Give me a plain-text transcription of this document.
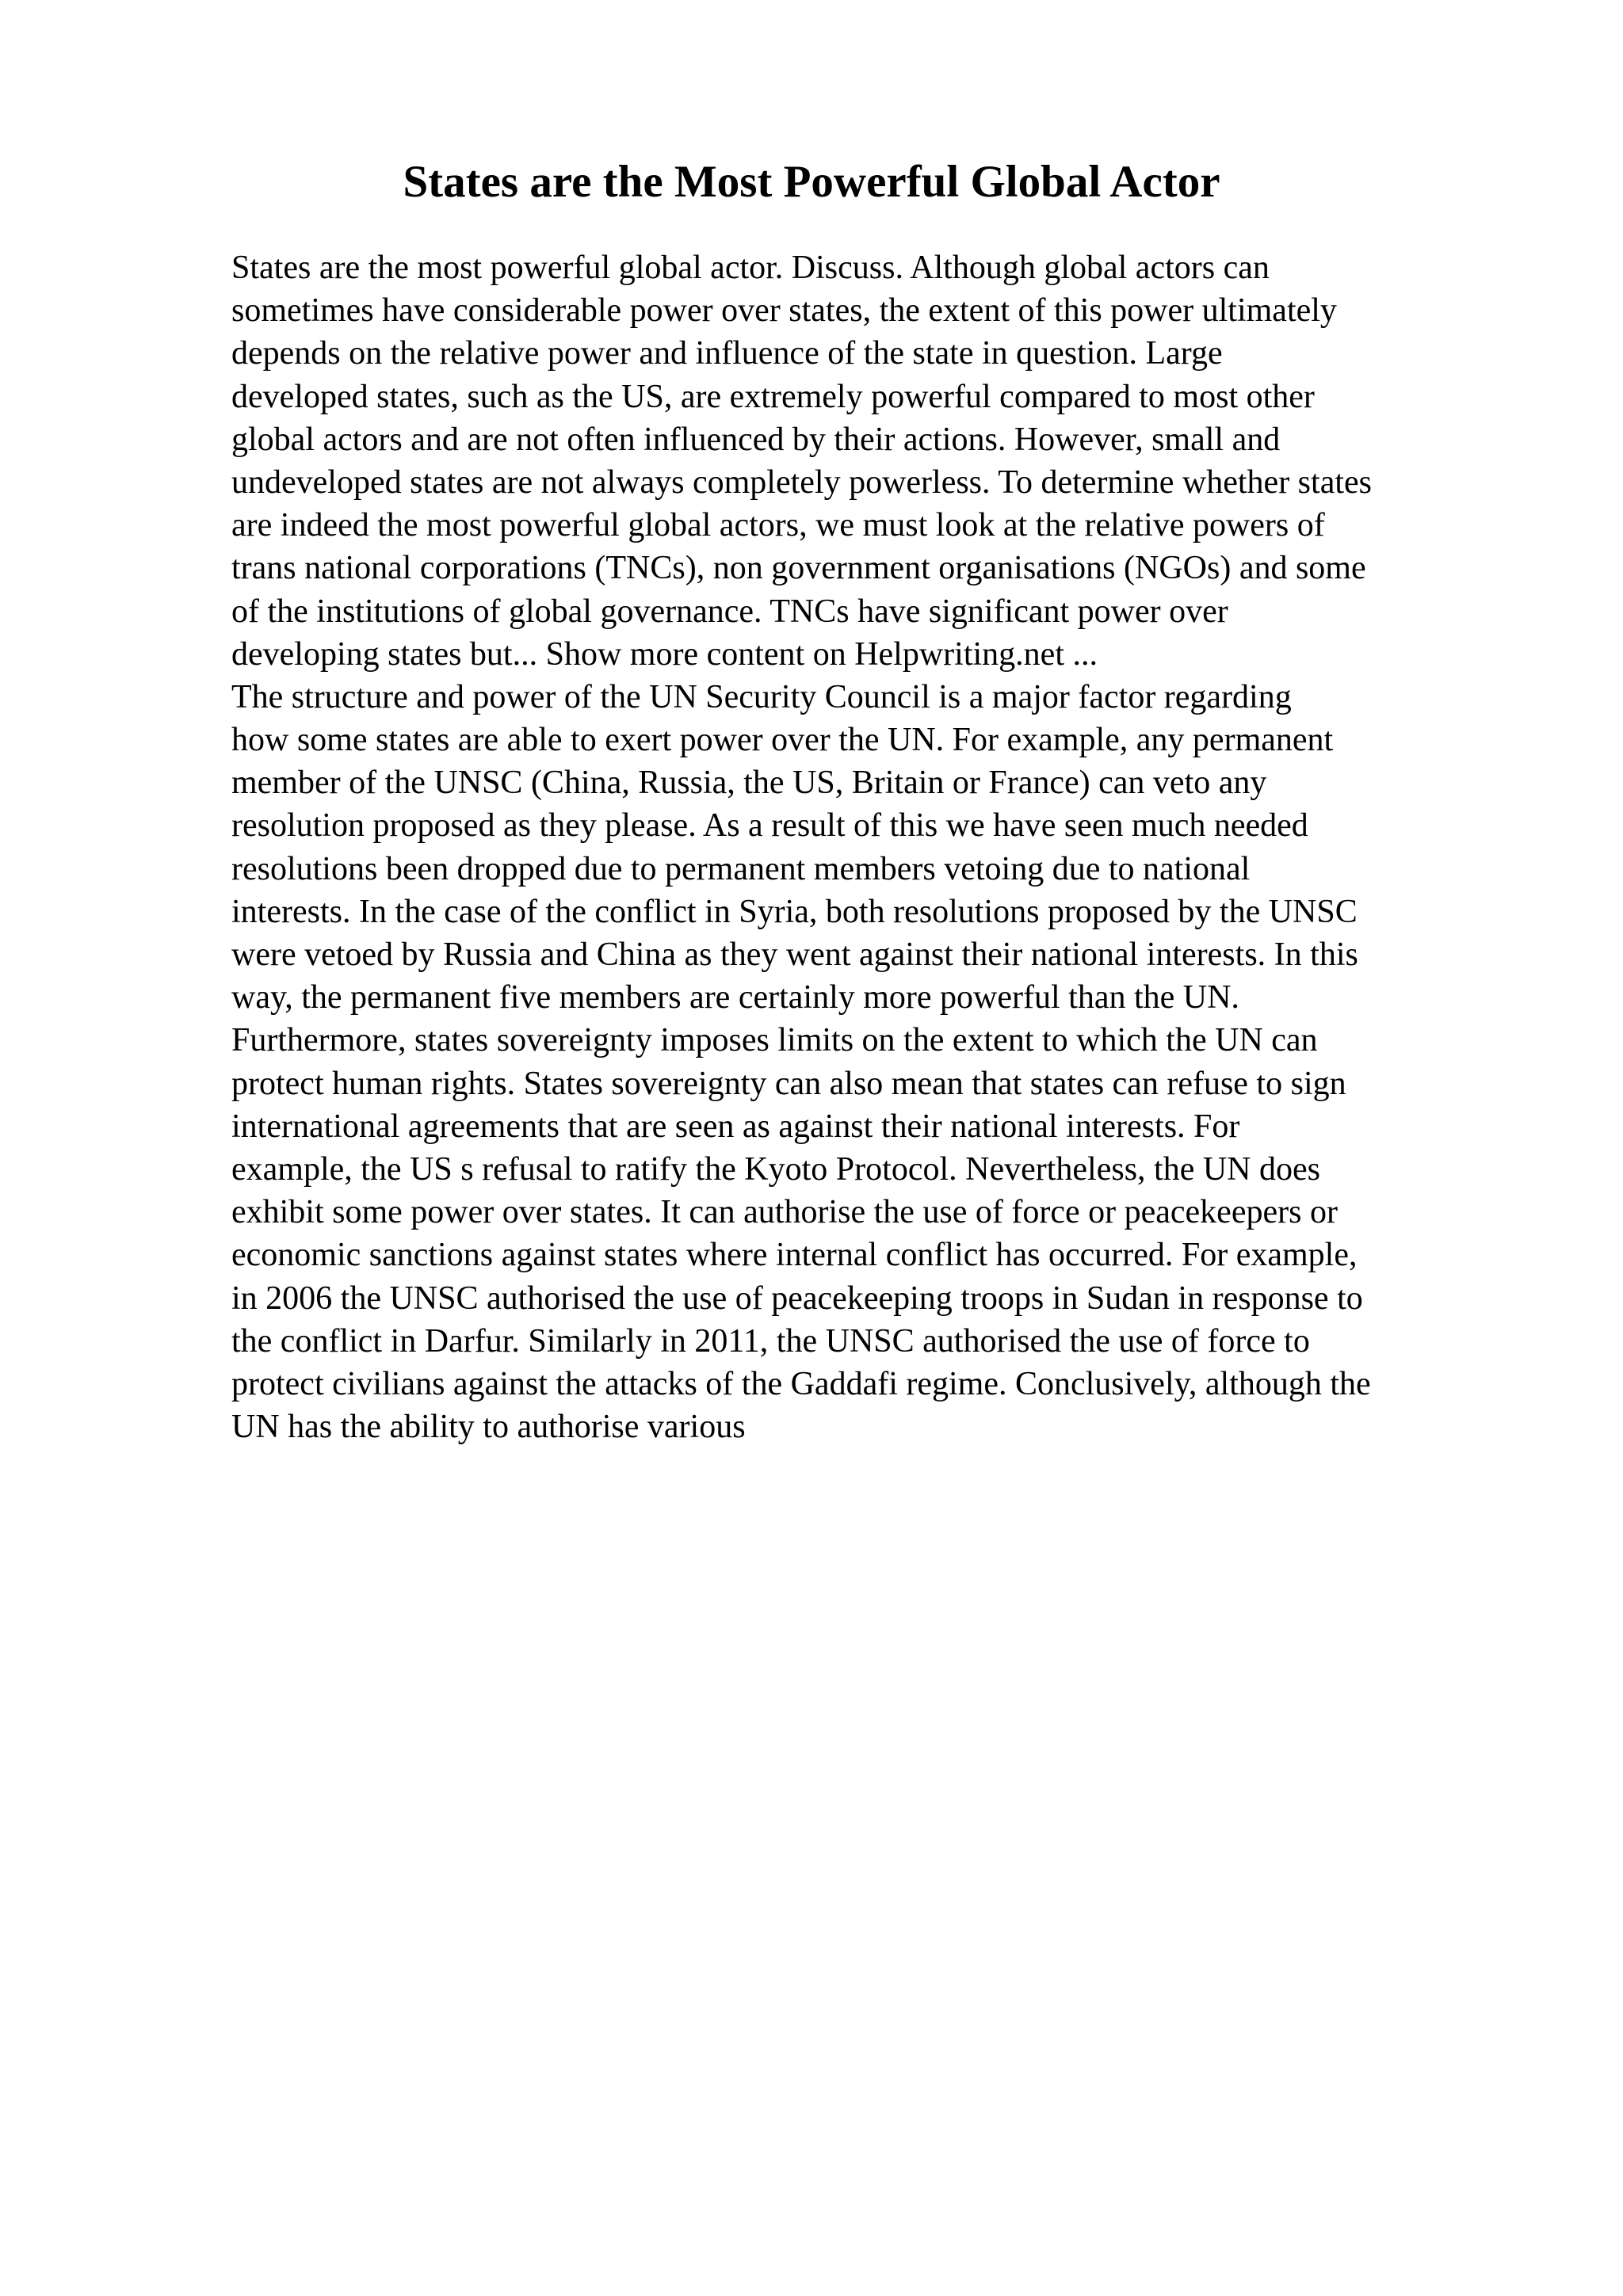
States are the Most Powerful Global Actor
States are the most powerful global actor. Discuss. Although global actors can
sometimes have considerable power over states, the extent of this power ultimately
depends on the relative power and influence of the state in question. Large
developed states, such as the US, are extremely powerful compared to most other
global actors and are not often influenced by their actions. However, small and
undeveloped states are not always completely powerless. To determine whether states
are indeed the most powerful global actors, we must look at the relative powers of
trans national corporations (TNCs), non government organisations (NGOs) and some
of the institutions of global governance. TNCs have significant power over
developing states but... Show more content on Helpwriting.net ...
The structure and power of the UN Security Council is a major factor regarding
how some states are able to exert power over the UN. For example, any permanent
member of the UNSC (China, Russia, the US, Britain or France) can veto any
resolution proposed as they please. As a result of this we have seen much needed
resolutions been dropped due to permanent members vetoing due to national
interests. In the case of the conflict in Syria, both resolutions proposed by the UNSC
were vetoed by Russia and China as they went against their national interests. In this
way, the permanent five members are certainly more powerful than the UN.
Furthermore, states sovereignty imposes limits on the extent to which the UN can
protect human rights. States sovereignty can also mean that states can refuse to sign
international agreements that are seen as against their national interests. For
example, the US s refusal to ratify the Kyoto Protocol. Nevertheless, the UN does
exhibit some power over states. It can authorise the use of force or peacekeepers or
economic sanctions against states where internal conflict has occurred. For example,
in 2006 the UNSC authorised the use of peacekeeping troops in Sudan in response to
the conflict in Darfur. Similarly in 2011, the UNSC authorised the use of force to
protect civilians against the attacks of the Gaddafi regime. Conclusively, although the
UN has the ability to authorise various
